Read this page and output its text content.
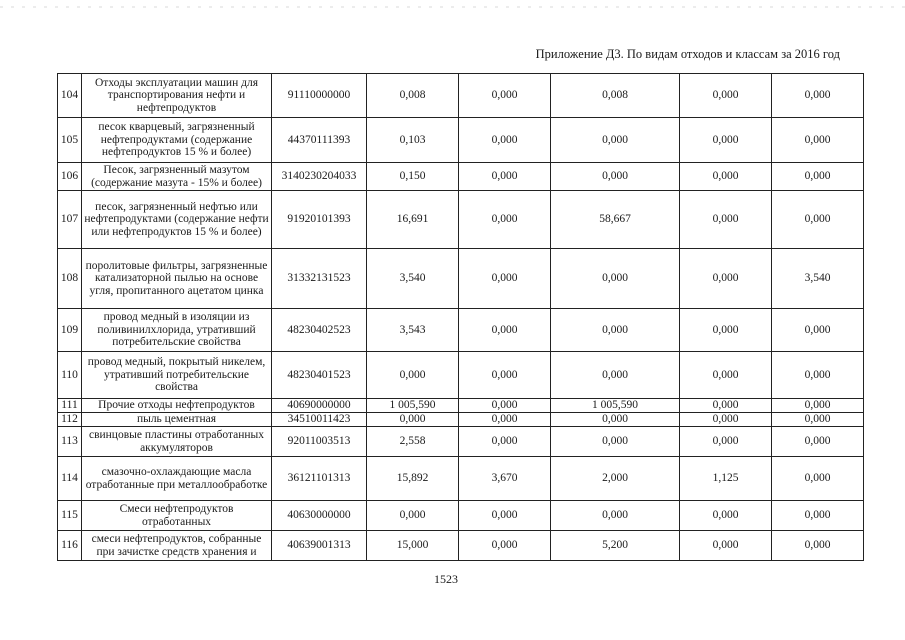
Приложение Д3. По видам отходов и классам за 2016 год
104	Отходы эксплуатации машин для транспортирования нефти и нефтепродуктов	91110000000	0,008	0,000	0,008	0,000	0,000
105	песок кварцевый, загрязненный нефтепродуктами (содержание нефтепродуктов 15 % и более)	44370111393	0,103	0,000	0,000	0,000	0,000
106	Песок, загрязненный мазутом (содержание мазута - 15% и более)	3140230204033	0,150	0,000	0,000	0,000	0,000
107	песок, загрязненный нефтью или нефтепродуктами (содержание нефти или нефтепродуктов 15 % и более)	91920101393	16,691	0,000	58,667	0,000	0,000
108	поролитовые фильтры, загрязненные катализаторной пылью на основе угля, пропитанного ацетатом цинка	31332131523	3,540	0,000	0,000	0,000	3,540
109	провод медный в изоляции из поливинилхлорида, утративший потребительские свойства	48230402523	3,543	0,000	0,000	0,000	0,000
110	провод медный, покрытый никелем, утративший потребительские свойства	48230401523	0,000	0,000	0,000	0,000	0,000
111	Прочие отходы нефтепродуктов	40690000000	1 005,590	0,000	1 005,590	0,000	0,000
112	пыль цементная	34510011423	0,000	0,000	0,000	0,000	0,000
113	свинцовые пластины отработанных аккумуляторов	92011003513	2,558	0,000	0,000	0,000	0,000
114	смазочно-охлаждающие масла отработанные при металлообработке	36121101313	15,892	3,670	2,000	1,125	0,000
115	Смеси нефтепродуктов отработанных	40630000000	0,000	0,000	0,000	0,000	0,000
116	смеси нефтепродуктов, собранные при зачистке средств хранения и	40639001313	15,000	0,000	5,200	0,000	0,000
1523
